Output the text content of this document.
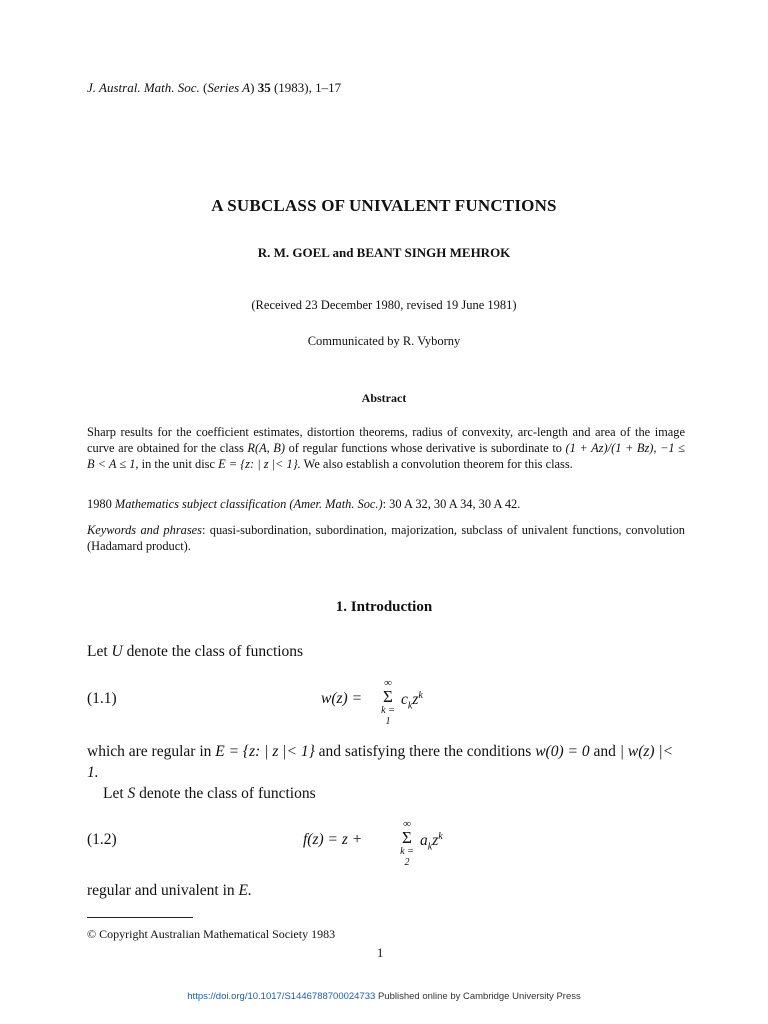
J. Austral. Math. Soc. (Series A) 35 (1983), 1–17
A SUBCLASS OF UNIVALENT FUNCTIONS
R. M. GOEL and BEANT SINGH MEHROK
(Received 23 December 1980, revised 19 June 1981)
Communicated by R. Vyborny
Abstract
Sharp results for the coefficient estimates, distortion theorems, radius of convexity, arc-length and area of the image curve are obtained for the class R(A, B) of regular functions whose derivative is subordinate to (1 + Az)/(1 + Bz), −1 ≤ B < A ≤ 1, in the unit disc E = {z: | z |< 1}. We also establish a convolution theorem for this class.
1980 Mathematics subject classification (Amer. Math. Soc.): 30 A 32, 30 A 34, 30 A 42.
Keywords and phrases: quasi-subordination, subordination, majorization, subclass of univalent functions, convolution (Hadamard product).
1. Introduction
Let U denote the class of functions
(1.1)	w(z) =
∞
Σ
k = 1
$c_kz^k$
which are regular in E = {z: | z |< 1} and satisfying there the conditions w(0) = 0 and | w(z) |< 1.
Let S denote the class of functions
(1.2)	f(z) = z +
∞
Σ
k = 2
$a_kz^k$
regular and univalent in E.
© Copyright Australian Mathematical Society 1983
1
https://doi.org/10.1017/S1446788700024733 Published online by Cambridge University Press
